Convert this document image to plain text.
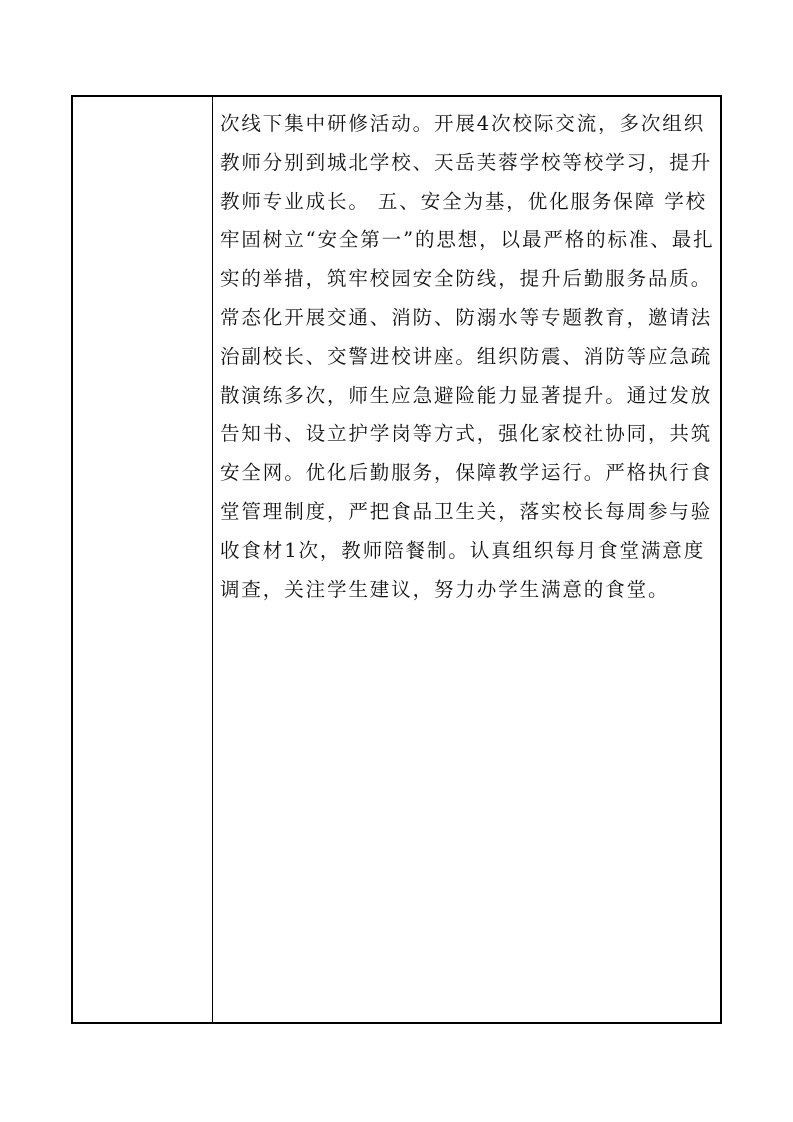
次线下集中研修活动。开展4次校际交流，多次组织
教师分别到城北学校、天岳芙蓉学校等校学习，提升
教师专业成长。 五、安全为基，优化服务保障 学校
牢固树立“安全第一”的思想，以最严格的标准、最扎
实的举措，筑牢校园安全防线，提升后勤服务品质。
常态化开展交通、消防、防溺水等专题教育，邀请法
治副校长、交警进校讲座。组织防震、消防等应急疏
散演练多次，师生应急避险能力显著提升。通过发放
告知书、设立护学岗等方式，强化家校社协同，共筑
安全网。优化后勤服务，保障教学运行。严格执行食
堂管理制度，严把食品卫生关，落实校长每周参与验
收食材1次，教师陪餐制。认真组织每月食堂满意度
调查，关注学生建议，努力办学生满意的食堂。
